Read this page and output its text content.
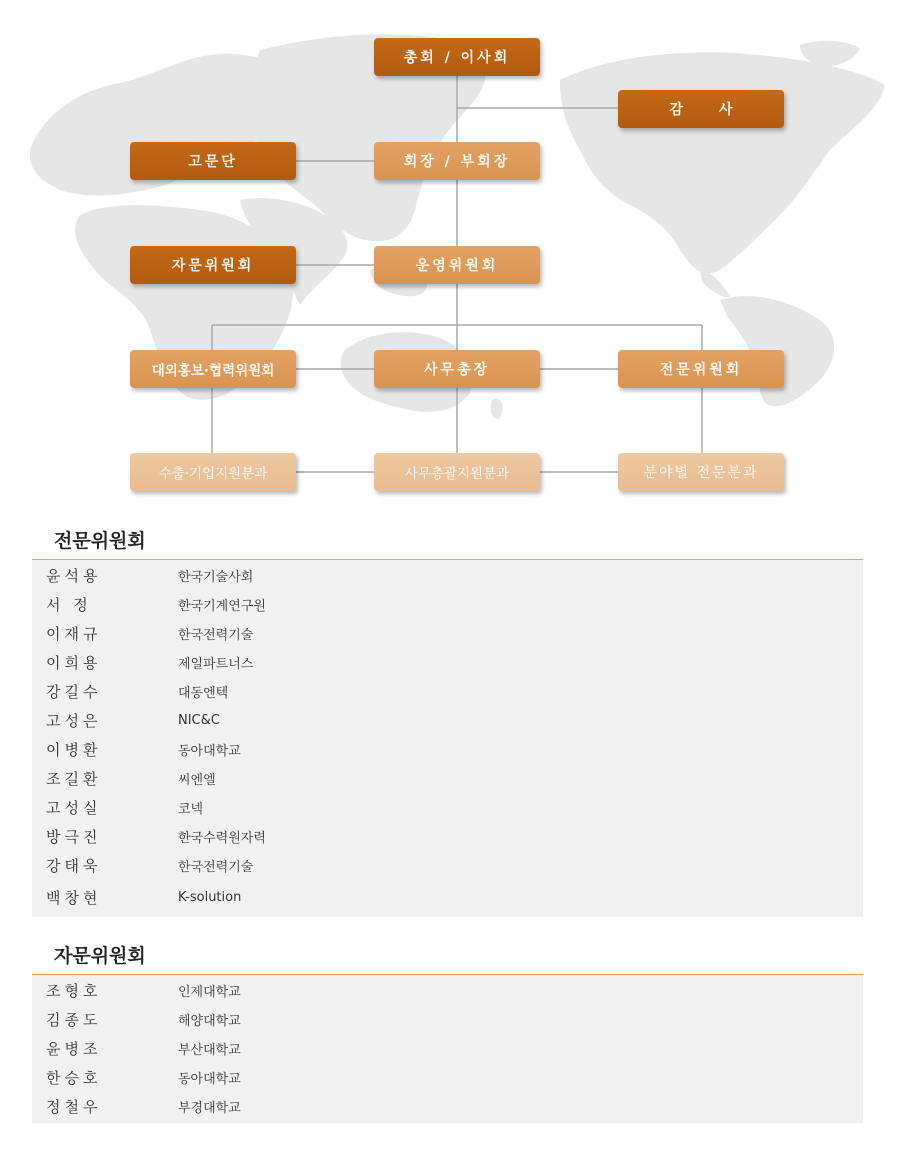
총회 / 이사회
감사
회장 / 부회장
고문단
운영위원회
자문위원회
대외홍보·협력위원회	사무총장	전문위원회
수출·기업지원분과	사무총괄지원분과	분야별 전문분과
전문위원회
윤석용	한국기술사회
서 정	한국기계연구원
이재규	한국전력기술
이희용	제일파트너스
강길수	대동엔텍
고성은	NIC&C
이병환	동아대학교
조길환	씨엔엘
고성실	코넥
방극진	한국수력원자력
강태욱	한국전력기술
백창현	K-solution
자문위원회
조형호	인제대학교
김종도	해양대학교
윤병조	부산대학교
한승호	동아대학교
정철우	부경대학교
